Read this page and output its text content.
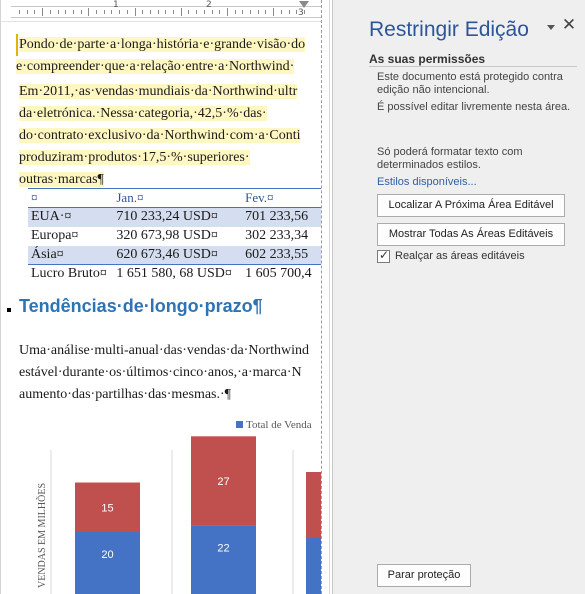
1	2
3
Pondo·de·parte·a·longa·história·e·grande·visão·do
e·compreender·que·a·relação·entre·a·Northwind·
Em·2011,·as·vendas·mundiais·da·Northwind·ultr
da·eletrónica.·Nessa·categoria,·42,5·%·das·
do·contrato·exclusivo·da·Northwind·com·a·Conti
produziram·produtos·17,5·%·superiores·
outras·marcas¶
¤	Jan.¤	Fev.¤
EUA·¤	710 233,24 USD¤	701 233,56
Europa¤	320 673,98 USD¤	302 233,34
Ásia¤	620 673,46 USD¤	602 233,55
Lucro Bruto¤	1 651 580, 68 USD¤	1 605 700,4
Tendências·de·longo·prazo¶
Uma·análise·multi-anual·das·vendas·da·Northwind
estável·durante·os·últimos·cinco·anos,·a·marca·N
aumento·das·partilhas·das·mesmas.·¶
Total de Venda
VENDAS EM MILHÕES	20
15
22
27
Restringir Edição ✕
As suas permissões
Este documento está protegido contra edição não intencional.
É possível editar livremente nesta área.
Só poderá formatar texto com determinados estilos.
Estilos disponíveis...
Localizar A Próxima Área Editável
Mostrar Todas As Áreas Editáveis
✓ Realçar as áreas editáveis
Parar proteção
